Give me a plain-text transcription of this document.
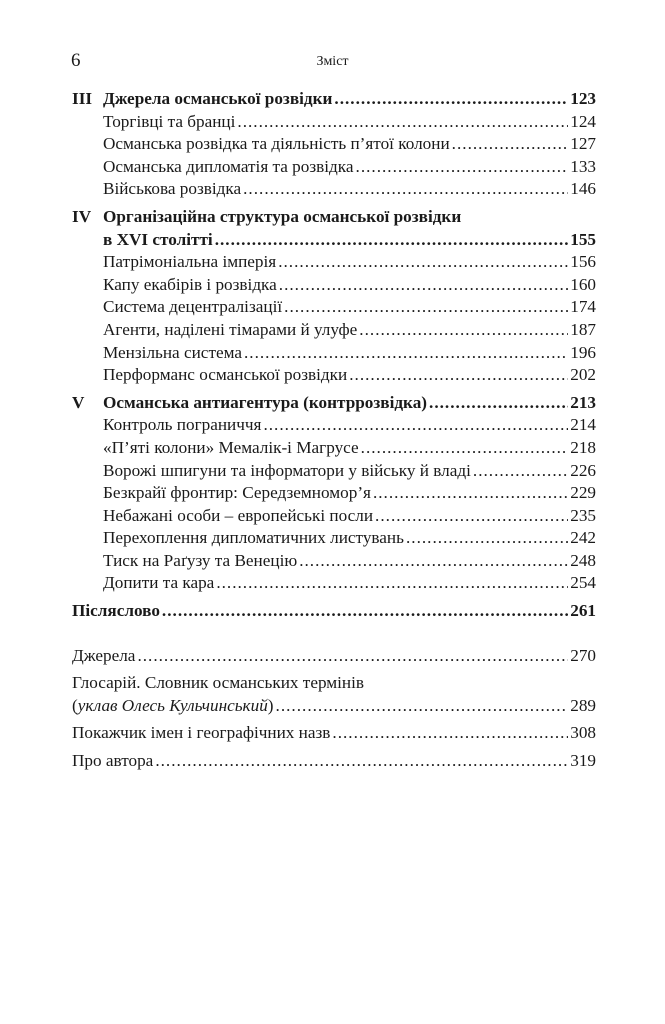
6	Зміст
III Джерела османської розвідки .....	123
Торгівці та бранці .....	124
Османська розвідка та діяльність п’ятої колони .....	127
Османська дипломатія та розвідка .....	133
Військова розвідка .....	146
IV Організаційна структура османської розвідки
в XVI столітті .....	155
Патрімоніальна імперія .....	156
Капу екабірів і розвідка .....	160
Система децентралізації .....	174
Агенти, наділені тімарами й улуфе .....	187
Мензільна система .....	196
Перформанс османської розвідки .....	202
V	Османська антиагентура (контррозвідка) .....	213
Контроль пограниччя .....	214
«П’яті колони» Мемалік-і Магрусе .....	218
Ворожі шпигуни та інформатори у війську й владі .....	226
Безкрайї фронтир: Середземномор’я .....	229
Небажані особи – европейські посли .....	235
Перехоплення дипломатичних листувань .....	242
Тиск на Раґузу та Венецію .....	248
Допити та кара .....	254
Післяслово .....	261
Джерела .....	270
Глосарій. Словник османських термінів
(уклав Олесь Кульчинський) .....	289
Покажчик імен і географічних назв .....	308
Про автора .....	319
